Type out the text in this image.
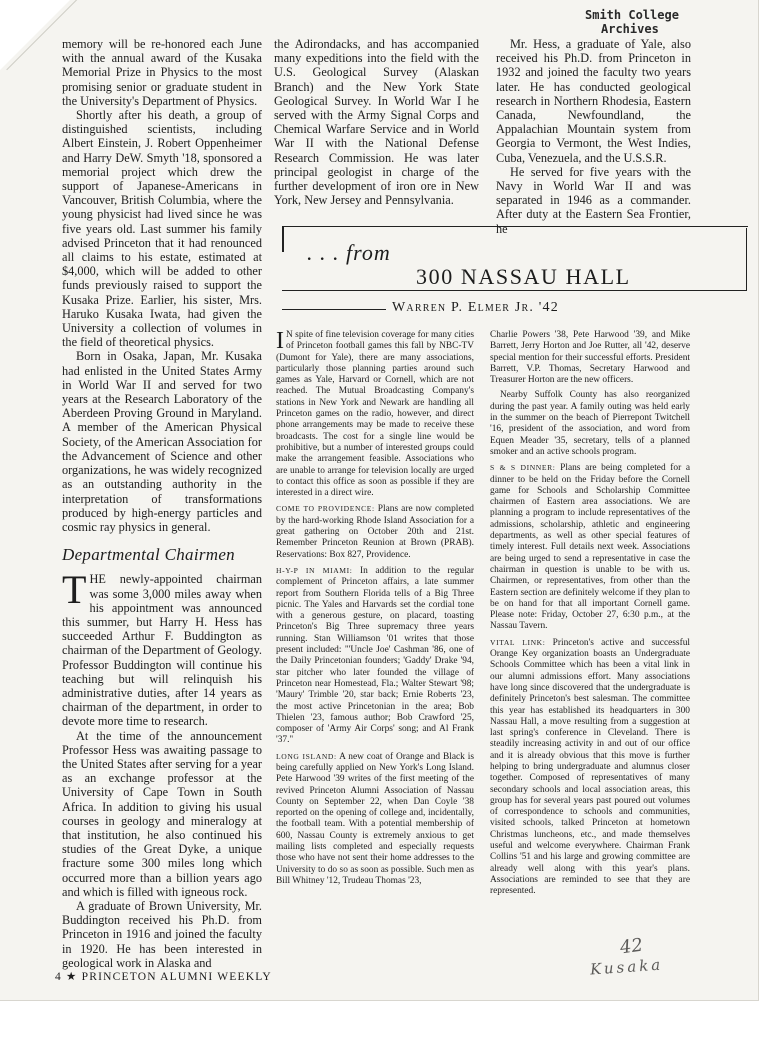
Smith College
Archives

memory will be re-honored each June with the annual award of the Kusaka Memorial Prize in Physics to the most promising senior or graduate student in the University's Department of Physics.

Shortly after his death, a group of distinguished scientists, including Albert Einstein, J. Robert Oppenheimer and Harry DeW. Smyth '18, sponsored a memorial project which drew the support of Japanese-Americans in Vancouver, British Columbia, where the young physicist had lived since he was five years old. Last summer his family advised Princeton that it had renounced all claims to his estate, estimated at $4,000, which will be added to other funds previously raised to support the Kusaka Prize. Earlier, his sister, Mrs. Haruko Kusaka Iwata, had given the University a collection of volumes in the field of theoretical physics.

Born in Osaka, Japan, Mr. Kusaka had enlisted in the United States Army in World War II and served for two years at the Research Laboratory of the Aberdeen Proving Ground in Maryland. A member of the American Physical Society, of the American Association for the Advancement of Science and other organizations, he was widely recognized as an outstanding authority in the interpretation of transformations produced by high-energy particles and cosmic ray physics in general.

Departmental Chairmen

THE newly-appointed chairman was some 3,000 miles away when his appointment was announced this summer, but Harry H. Hess has succeeded Arthur F. Buddington as chairman of the Department of Geology. Professor Buddington will continue his teaching but will relinquish his administrative duties, after 14 years as chairman of the department, in order to devote more time to research.

At the time of the announcement Professor Hess was awaiting passage to the United States after serving for a year as an exchange professor at the University of Cape Town in South Africa. In addition to giving his usual courses in geology and mineralogy at that institution, he also continued his studies of the Great Dyke, a unique fracture some 300 miles long which occurred more than a billion years ago and which is filled with igneous rock.

A graduate of Brown University, Mr. Buddington received his Ph.D. from Princeton in 1916 and joined the faculty in 1920. He has been interested in geological work in Alaska and

the Adirondacks, and has accompanied many expeditions into the field with the U.S. Geological Survey (Alaskan Branch) and the New York State Geological Survey. In World War I he served with the Army Signal Corps and Chemical Warfare Service and in World War II with the National Defense Research Commission. He was later principal geologist in charge of the further development of iron ore in New York, New Jersey and Pennsylvania.

Mr. Hess, a graduate of Yale, also received his Ph.D. from Princeton in 1932 and joined the faculty two years later. He has conducted geological research in Northern Rhodesia, Eastern Canada, Newfoundland, the Appalachian Mountain system from Georgia to Vermont, the West Indies, Cuba, Venezuela, and the U.S.S.R.

He served for five years with the Navy in World War II and was separated in 1946 as a commander. After duty at the Eastern Sea Frontier, he

. . . from
300 NASSAU HALL
Warren P. Elmer Jr. '42

I N spite of fine television coverage for many cities of Princeton football games this fall by NBC-TV (Dumont for Yale), there are many associations, particularly those planning parties around such games as Yale, Harvard or Cornell, which are not reached. The Mutual Broadcasting Company's stations in New York and Newark are handling all Princeton games on the radio, however, and direct phone arrangements may be made to receive these broadcasts. The cost for a single line would be prohibitive, but a number of interested groups could make the arrangement feasible. Associations who are unable to arrange for television locally are urged to contact this office as soon as possible if they are interested in a direct wire.

COME TO PROVIDENCE: Plans are now completed by the hard-working Rhode Island Association for a great gathering on October 20th and 21st. Remember Princeton Reunion at Brown (PRAB). Reservations: Box 827, Providence.

H-Y-P IN MIAMI: In addition to the regular complement of Princeton affairs, a late summer report from Southern Florida tells of a Big Three picnic. The Yales and Harvards set the cordial tone with a generous gesture, on placard, toasting Princeton's Big Three supremacy three years running. Stan Williamson '01 writes that those present included: "'Uncle Joe' Cashman '86, one of the Daily Princetonian founders; 'Gaddy' Drake '94, star pitcher who later founded the village of Princeton near Homestead, Fla.; Walter Stewart '98; 'Maury' Trimble '20, star back; Ernie Roberts '23, the most active Princetonian in the area; Bob Thielen '23, famous author; Bob Crawford '25, composer of 'Army Air Corps' song; and Al Frank '37."

LONG ISLAND: A new coat of Orange and Black is being carefully applied on New York's Long Island. Pete Harwood '39 writes of the first meeting of the revived Princeton Alumni Association of Nassau County on September 22, when Dan Coyle '38 reported on the opening of college and, incidentally, the football team. With a potential membership of 600, Nassau County is extremely anxious to get mailing lists completed and especially requests those who have not sent their home addresses to the University to do so as soon as possible. Such men as Bill Whitney '12, Trudeau Thomas '23,

Charlie Powers '38, Pete Harwood '39, and Mike Barrett, Jerry Horton and Joe Rutter, all '42, deserve special mention for their successful efforts. President Barrett, V.P. Thomas, Secretary Harwood and Treasurer Horton are the new officers.

Nearby Suffolk County has also reorganized during the past year. A family outing was held early in the summer on the beach of Pierrepont Twitchell '16, president of the association, and word from Equen Meader '35, secretary, tells of a planned smoker and an active schools program.

S & S DINNER: Plans are being completed for a dinner to be held on the Friday before the Cornell game for Schools and Scholarship Committee chairmen of Eastern area associations. We are planning a program to include representatives of the admissions, scholarship, athletic and engineering departments, as well as other special features of timely interest. Full details next week. Associations are being urged to send a representative in case the chairman in question is unable to be with us. Chairmen, or representatives, from other than the Eastern section are definitely welcome if they plan to be on hand for that all important Cornell game. Please note: Friday, October 27, 6:30 p.m., at the Nassau Tavern.

VITAL LINK: Princeton's active and successful Orange Key organization boasts an Undergraduate Schools Committee which has been a vital link in our alumni admissions effort. Many associations have long since discovered that the undergraduate is definitely Princeton's best salesman. The committee this year has established its headquarters in 300 Nassau Hall, a move resulting from a suggestion at last spring's conference in Cleveland. There is steadily increasing activity in and out of our office and it is already obvious that this move is further helping to bring undergraduate and alumnus closer together. Composed of representatives of many secondary schools and local association areas, this group has for several years past poured out volumes of correspondence to schools and communities, visited schools, talked Princeton at hometown Christmas luncheons, etc., and made themselves useful and welcome everywhere. Chairman Frank Collins '51 and his large and growing committee are already well along with this year's plans. Associations are reminded to see that they are represented.

4 ★ PRINCETON ALUMNI WEEKLY
42
Kusaka
